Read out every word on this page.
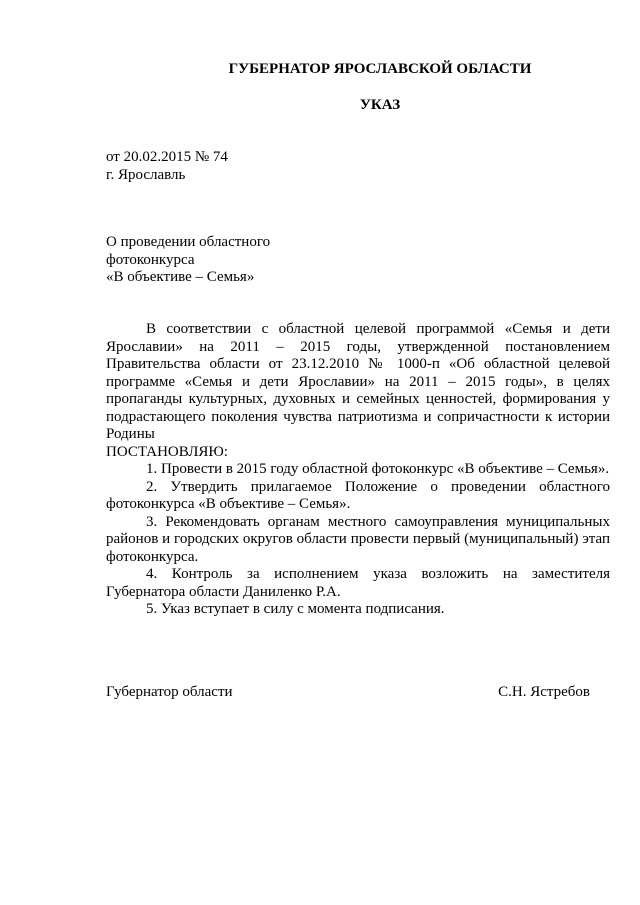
ГУБЕРНАТОР ЯРОСЛАВСКОЙ ОБЛАСТИ
УКАЗ
от 20.02.2015 № 74
г. Ярославль
О проведении областного
фотоконкурса
«В объективе – Семья»

В соответствии с областной целевой программой «Семья и дети Ярославии» на 2011 – 2015 годы, утвержденной постановлением Правительства области от 23.12.2010 № 1000-п «Об областной целевой программе «Семья и дети Ярославии» на 2011 – 2015 годы», в целях пропаганды культурных, духовных и семейных ценностей, формирования у подрастающего поколения чувства патриотизма и сопричастности к истории Родины

ПОСТАНОВЛЯЮ:

1. Провести в 2015 году областной фотоконкурс «В объективе – Семья».

2. Утвердить прилагаемое Положение о проведении областного фотоконкурса «В объективе – Семья».

3. Рекомендовать органам местного самоуправления муниципальных районов и городских округов области провести первый (муниципальный) этап фотоконкурса.

4. Контроль за исполнением указа возложить на заместителя Губернатора области Даниленко Р.А.

5. Указ вступает в силу с момента подписания.

Губернатор области	С.Н. Ястребов
